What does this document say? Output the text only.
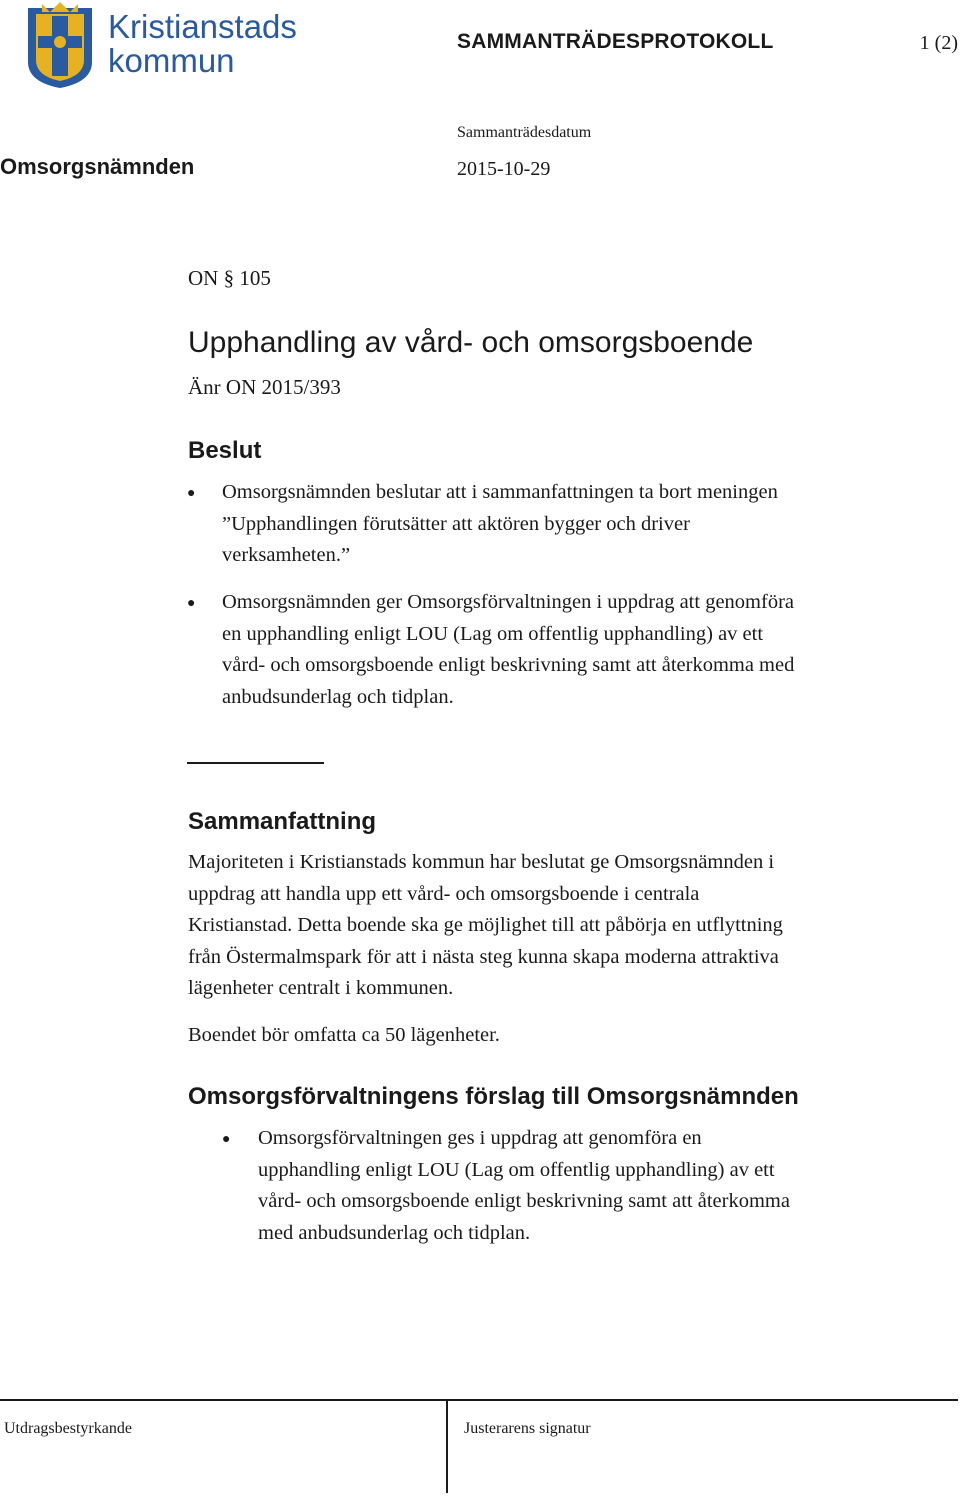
Kristianstads
kommun
SAMMANTRÄDESPROTOKOLL	1 (2)
Sammanträdesdatum
Omsorgsnämnden	2015-10-29
ON § 105
Upphandling av vård- och omsorgsboende
Änr ON 2015/393
Beslut
● Omsorgsnämnden beslutar att i sammanfattningen ta bort meningen
”Upphandlingen förutsätter att aktören bygger och driver
verksamheten.”
● Omsorgsnämnden ger Omsorgsförvaltningen i uppdrag att genomföra
en upphandling enligt LOU (Lag om offentlig upphandling) av ett
vård- och omsorgsboende enligt beskrivning samt att återkomma med
anbudsunderlag och tidplan.
Sammanfattning
Majoriteten i Kristianstads kommun har beslutat ge Omsorgsnämnden i
uppdrag att handla upp ett vård- och omsorgsboende i centrala
Kristianstad. Detta boende ska ge möjlighet till att påbörja en utflyttning
från Östermalmspark för att i nästa steg kunna skapa moderna attraktiva
lägenheter centralt i kommunen.
Boendet bör omfatta ca 50 lägenheter.
Omsorgsförvaltningens förslag till Omsorgsnämnden
● Omsorgsförvaltningen ges i uppdrag att genomföra en
upphandling enligt LOU (Lag om offentlig upphandling) av ett
vård- och omsorgsboende enligt beskrivning samt att återkomma
med anbudsunderlag och tidplan.
Utdragsbestyrkande	Justerarens signatur
